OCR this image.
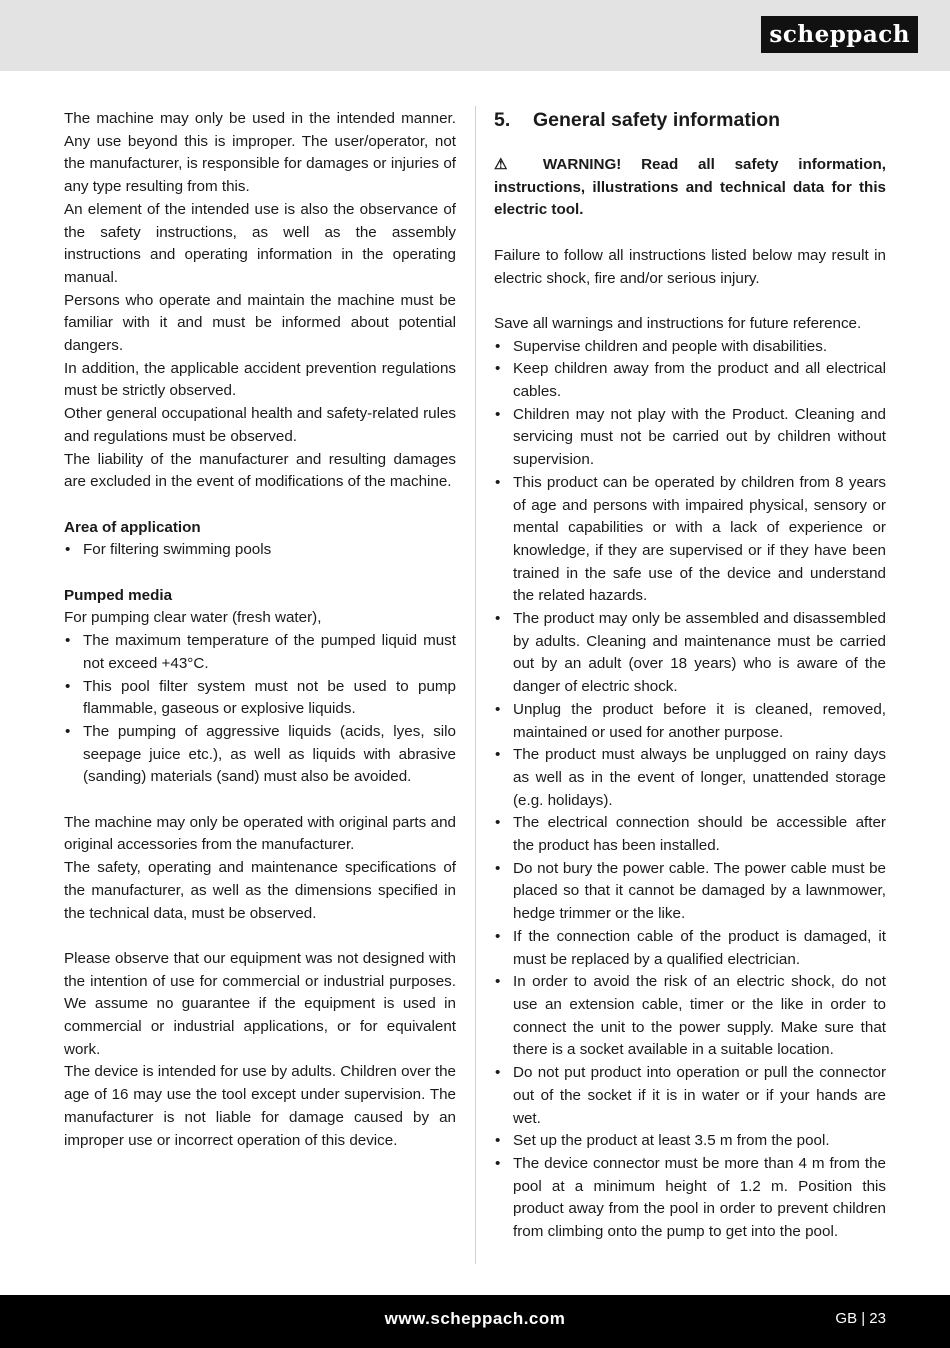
scheppach

The machine may only be used in the intended manner. Any use beyond this is improper. The user/operator, not the manufacturer, is responsible for damages or injuries of any type resulting from this.

An element of the intended use is also the observance of the safety instructions, as well as the assembly instructions and operating information in the operating manual.

Persons who operate and maintain the machine must be familiar with it and must be informed about potential dangers.

In addition, the applicable accident prevention regulations must be strictly observed.

Other general occupational health and safety-related rules and regulations must be observed.

The liability of the manufacturer and resulting damages are excluded in the event of modifications of the machine.

Area of application

• For filtering swimming pools

Pumped media

For pumping clear water (fresh water),

• The maximum temperature of the pumped liquid must not exceed +43°C.
• This pool filter system must not be used to pump flammable, gaseous or explosive liquids.
• The pumping of aggressive liquids (acids, lyes, silo seepage juice etc.), as well as liquids with abrasive (sanding) materials (sand) must also be avoided.

The machine may only be operated with original parts and original accessories from the manufacturer.

The safety, operating and maintenance specifications of the manufacturer, as well as the dimensions specified in the technical data, must be observed.

Please observe that our equipment was not designed with the intention of use for commercial or industrial purposes. We assume no guarantee if the equipment is used in commercial or industrial applications, or for equivalent work.

The device is intended for use by adults. Children over the age of 16 may use the tool except under supervision. The manufacturer is not liable for damage caused by an improper use or incorrect operation of this device.

5. General safety information

⚠ WARNING! Read all safety information, instructions, illustrations and technical data for this electric tool.

Failure to follow all instructions listed below may result in electric shock, fire and/or serious injury.

Save all warnings and instructions for future reference.

• Supervise children and people with disabilities.
• Keep children away from the product and all electrical cables.
• Children may not play with the Product. Cleaning and servicing must not be carried out by children without supervision.
• This product can be operated by children from 8 years of age and persons with impaired physical, sensory or mental capabilities or with a lack of experience or knowledge, if they are supervised or if they have been trained in the safe use of the device and understand the related hazards.
• The product may only be assembled and disassembled by adults. Cleaning and maintenance must be carried out by an adult (over 18 years) who is aware of the danger of electric shock.
• Unplug the product before it is cleaned, removed, maintained or used for another purpose.
• The product must always be unplugged on rainy days as well as in the event of longer, unattended storage (e.g. holidays).
• The electrical connection should be accessible after the product has been installed.
• Do not bury the power cable. The power cable must be placed so that it cannot be damaged by a lawnmower, hedge trimmer or the like.
• If the connection cable of the product is damaged, it must be replaced by a qualified electrician.
• In order to avoid the risk of an electric shock, do not use an extension cable, timer or the like in order to connect the unit to the power supply. Make sure that there is a socket available in a suitable location.
• Do not put product into operation or pull the connector out of the socket if it is in water or if your hands are wet.
• Set up the product at least 3.5 m from the pool.
• The device connector must be more than 4 m from the pool at a minimum height of 1.2 m. Position this product away from the pool in order to prevent children from climbing onto the pump to get into the pool.
www.scheppach.com	GB | 23
